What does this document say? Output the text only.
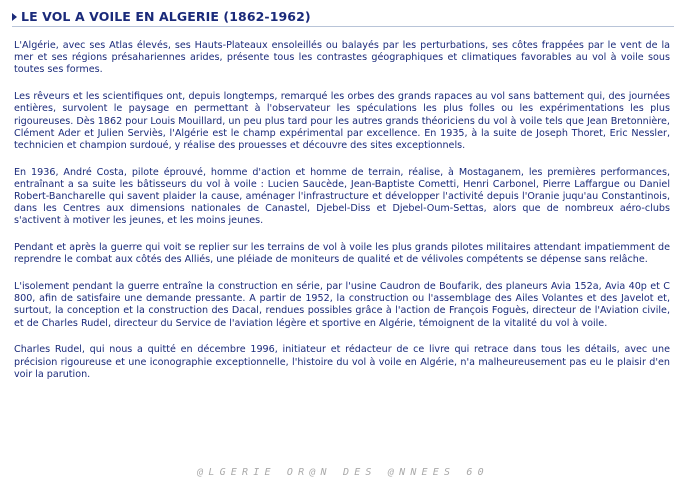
LE VOL A VOILE EN ALGERIE (1862-1962)

L'Algérie, avec ses Atlas élevés, ses Hauts-Plateaux ensoleillés ou balayés par les perturbations, ses côtes frappées par le vent de la mer et ses régions présahariennes arides, présente tous les contrastes géographiques et climatiques favorables au vol à voile sous toutes ses formes.

Les rêveurs et les scientifiques ont, depuis longtemps, remarqué les orbes des grands rapaces au vol sans battement qui, des journées entières, survolent le paysage en permettant à l'observateur les spéculations les plus folles ou les expérimentations les plus rigoureuses. Dès 1862 pour Louis Mouillard, un peu plus tard pour les autres grands théoriciens du vol à voile tels que Jean Bretonnière, Clément Ader et Julien Serviès, l'Algérie est le champ expérimental par excellence. En 1935, à la suite de Joseph Thoret, Eric Nessler, technicien et champion surdoué, y réalise des prouesses et découvre des sites exceptionnels.

En 1936, André Costa, pilote éprouvé, homme d'action et homme de terrain, réalise, à Mostaganem, les premières performances, entraînant a sa suite les bâtisseurs du vol à voile : Lucien Saucède, Jean-Baptiste Cometti, Henri Carbonel, Pierre Laffargue ou Daniel Robert-Bancharelle qui savent plaider la cause, aménager l'infrastructure et développer l'activité depuis l'Oranie juqu'au Constantinois, dans les Centres aux dimensions nationales de Canastel, Djebel-Diss et Djebel-Oum-Settas, alors que de nombreux aéro-clubs s'activent à motiver les jeunes, et les moins jeunes.

Pendant et après la guerre qui voit se replier sur les terrains de vol à voile les plus grands pilotes militaires attendant impatiemment de reprendre le combat aux côtés des Alliés, une pléiade de moniteurs de qualité et de vélivoles compétents se dépense sans relâche.

L'isolement pendant la guerre entraîne la construction en série, par l'usine Caudron de Boufarik, des planeurs Avia 152a, Avia 40p et C 800, afin de satisfaire une demande pressante. A partir de 1952, la construction ou l'assemblage des Ailes Volantes et des Javelot et, surtout, la conception et la construction des Dacal, rendues possibles grâce à l'action de François Foguès, directeur de l'Aviation civile, et de Charles Rudel, directeur du Service de l'aviation légère et sportive en Algérie, témoignent de la vitalité du vol à voile.

Charles Rudel, qui nous a quitté en décembre 1996, initiateur et rédacteur de ce livre qui retrace dans tous les détails, avec une précision rigoureuse et une iconographie exceptionnelle, l'histoire du vol à voile en Algérie, n'a malheureusement pas eu le plaisir d'en voir la parution.

@LGERIE OR@N DES @NNEES 60
